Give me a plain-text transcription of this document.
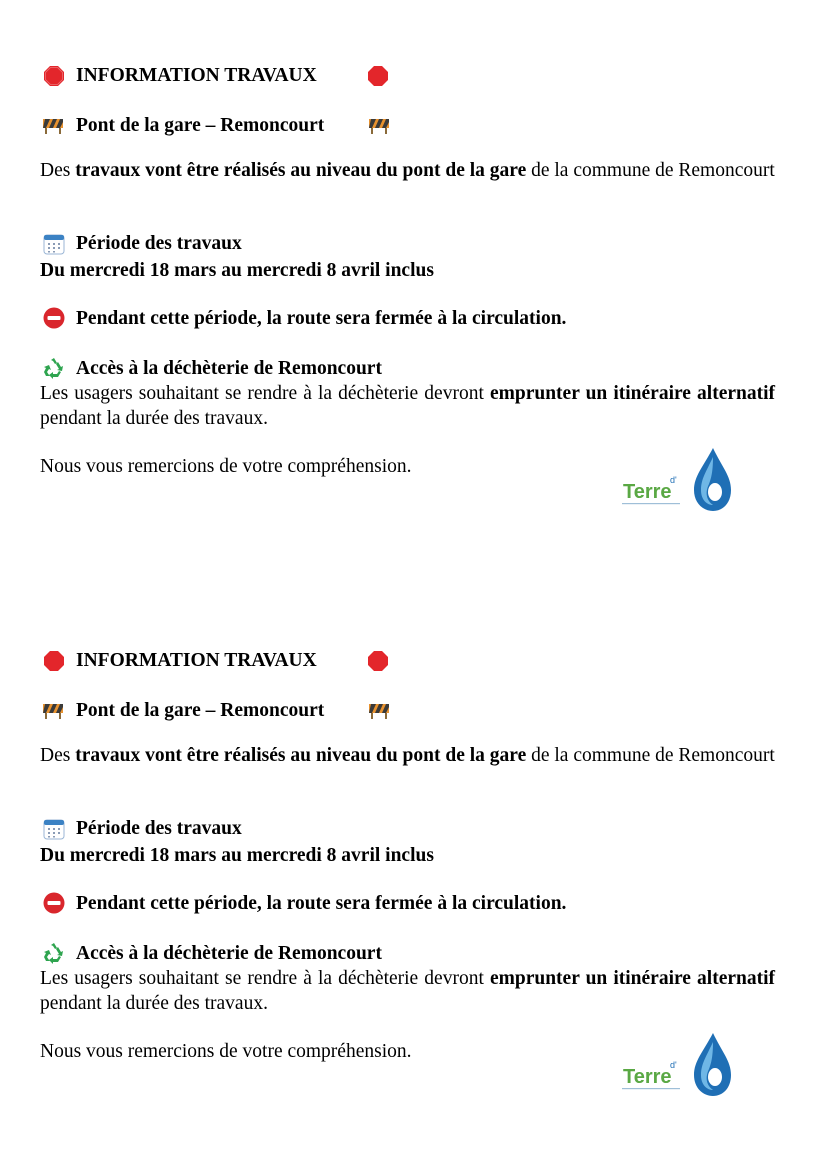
INFORMATION TRAVAUX
Pont de la gare – Remoncourt
Des travaux vont être réalisés au niveau du pont de la gare de la commune de Remoncourt
Période des travaux
Du mercredi 18 mars au mercredi 8 avril inclus
Pendant cette période, la route sera fermée à la circulation.
Accès à la déchèterie de Remoncourt
Les usagers souhaitant se rendre à la déchèterie devront emprunter un itinéraire alternatif pendant la durée des travaux.
Nous vous remercions de votre compréhension.
Terre
d'
INFORMATION TRAVAUX
Pont de la gare – Remoncourt
Des travaux vont être réalisés au niveau du pont de la gare de la commune de Remoncourt
Période des travaux
Du mercredi 18 mars au mercredi 8 avril inclus
Pendant cette période, la route sera fermée à la circulation.
Accès à la déchèterie de Remoncourt
Les usagers souhaitant se rendre à la déchèterie devront emprunter un itinéraire alternatif pendant la durée des travaux.
Nous vous remercions de votre compréhension.
Terre
d'
